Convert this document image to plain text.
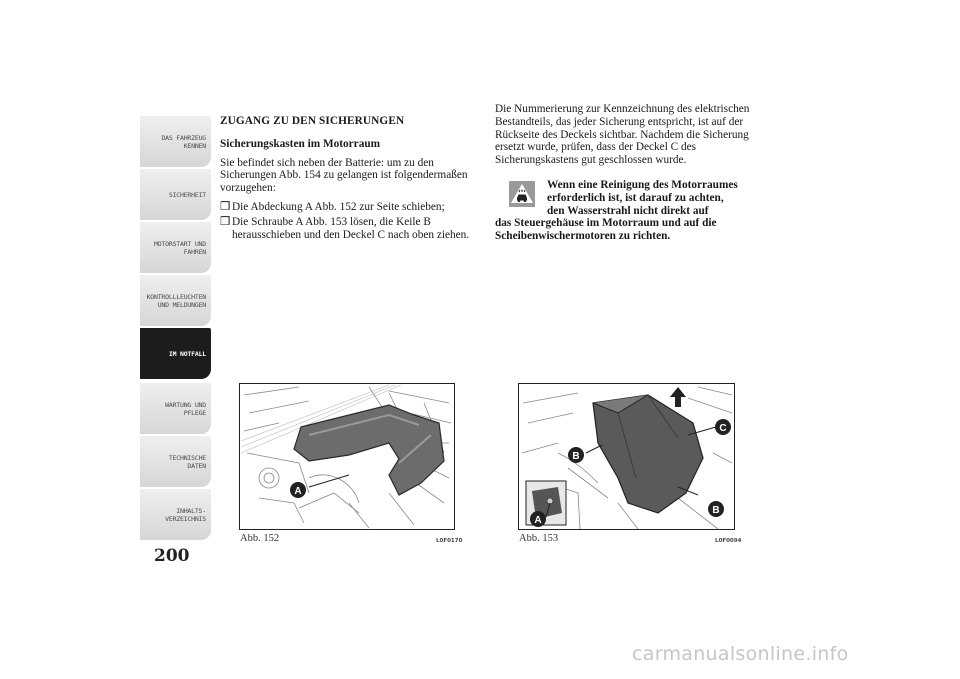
DAS FAHRZEUG
KENNEN
SICHERHEIT
MOTORSTART UND
FAHREN
KONTROLLLEUCHTEN
UND MELDUNGEN
IM NOTFALL
WARTUNG UND
PFLEGE
TECHNISCHE
DATEN
INHALTS-
VERZEICHNIS
200
ZUGANG ZU DEN SICHERUNGEN
Sicherungskasten im Motorraum

Sie befindet sich neben der Batterie: um zu den Sicherungen Abb. 154 zu gelangen ist folgendermaßen vorzugehen:

❒ Die Abdeckung A Abb. 152 zur Seite schieben;
❒ Die Schraube A Abb. 153 lösen, die Keile B herausschieben und den Deckel C nach oben ziehen.

Die Nummerierung zur Kennzeichnung des elektrischen Bestandteils, das jeder Sicherung entspricht, ist auf der Rückseite des Deckels sichtbar. Nachdem die Sicherung ersetzt wurde, prüfen, dass der Deckel C des Sicherungskastens gut geschlossen wurde.

Wenn eine Reinigung des Motorraumes
erforderlich ist, ist darauf zu achten,
den Wasserstrahl nicht direkt auf
das Steuergehäuse im Motorraum und auf die
Scheibenwischermotoren zu richten.
A
Abb. 152	L0F0170
C
B
B
A
Abb. 153	L0F0094
carmanualsonline.info
